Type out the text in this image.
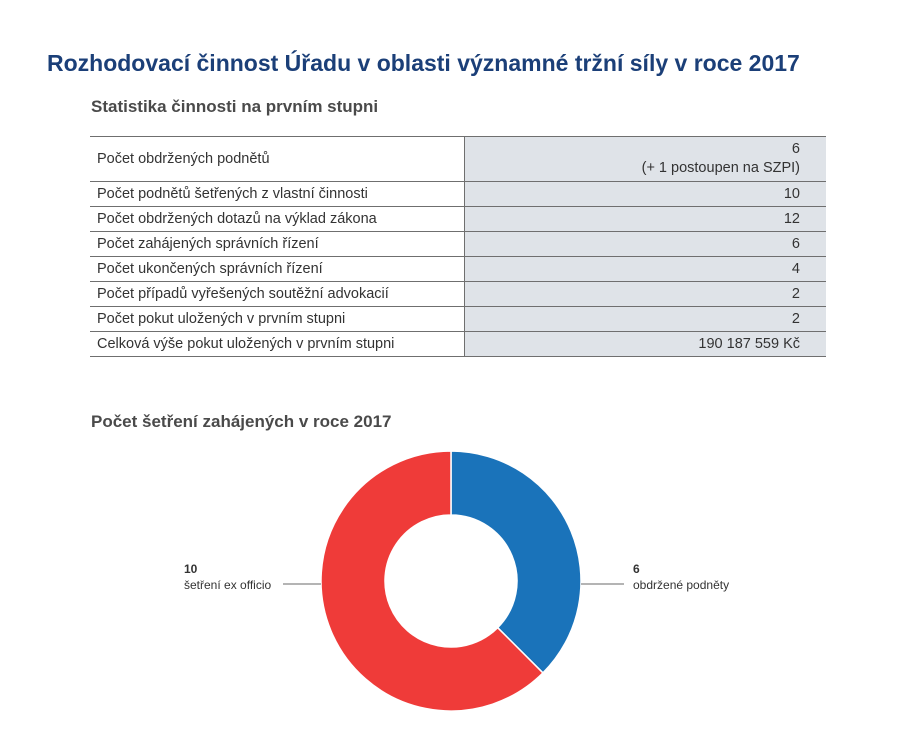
Rozhodovací činnost Úřadu v oblasti významné tržní síly v roce 2017
Statistika činnosti na prvním stupni
Počet obdržených podnětů	6
(+ 1 postoupen na SZPI)

Počet podnětů šetřených z vlastní činnosti	10
Počet obdržených dotazů na výklad zákona	12
Počet zahájených správních řízení	6
Počet ukončených správních řízení	4
Počet případů vyřešených soutěžní advokacií	2
Počet pokut uložených v prvním stupni	2
Celková výše pokut uložených v prvním stupni	190 187 559 Kč
Počet šetření zahájených v roce 2017
10
šetření ex officio
6
obdržené podněty
